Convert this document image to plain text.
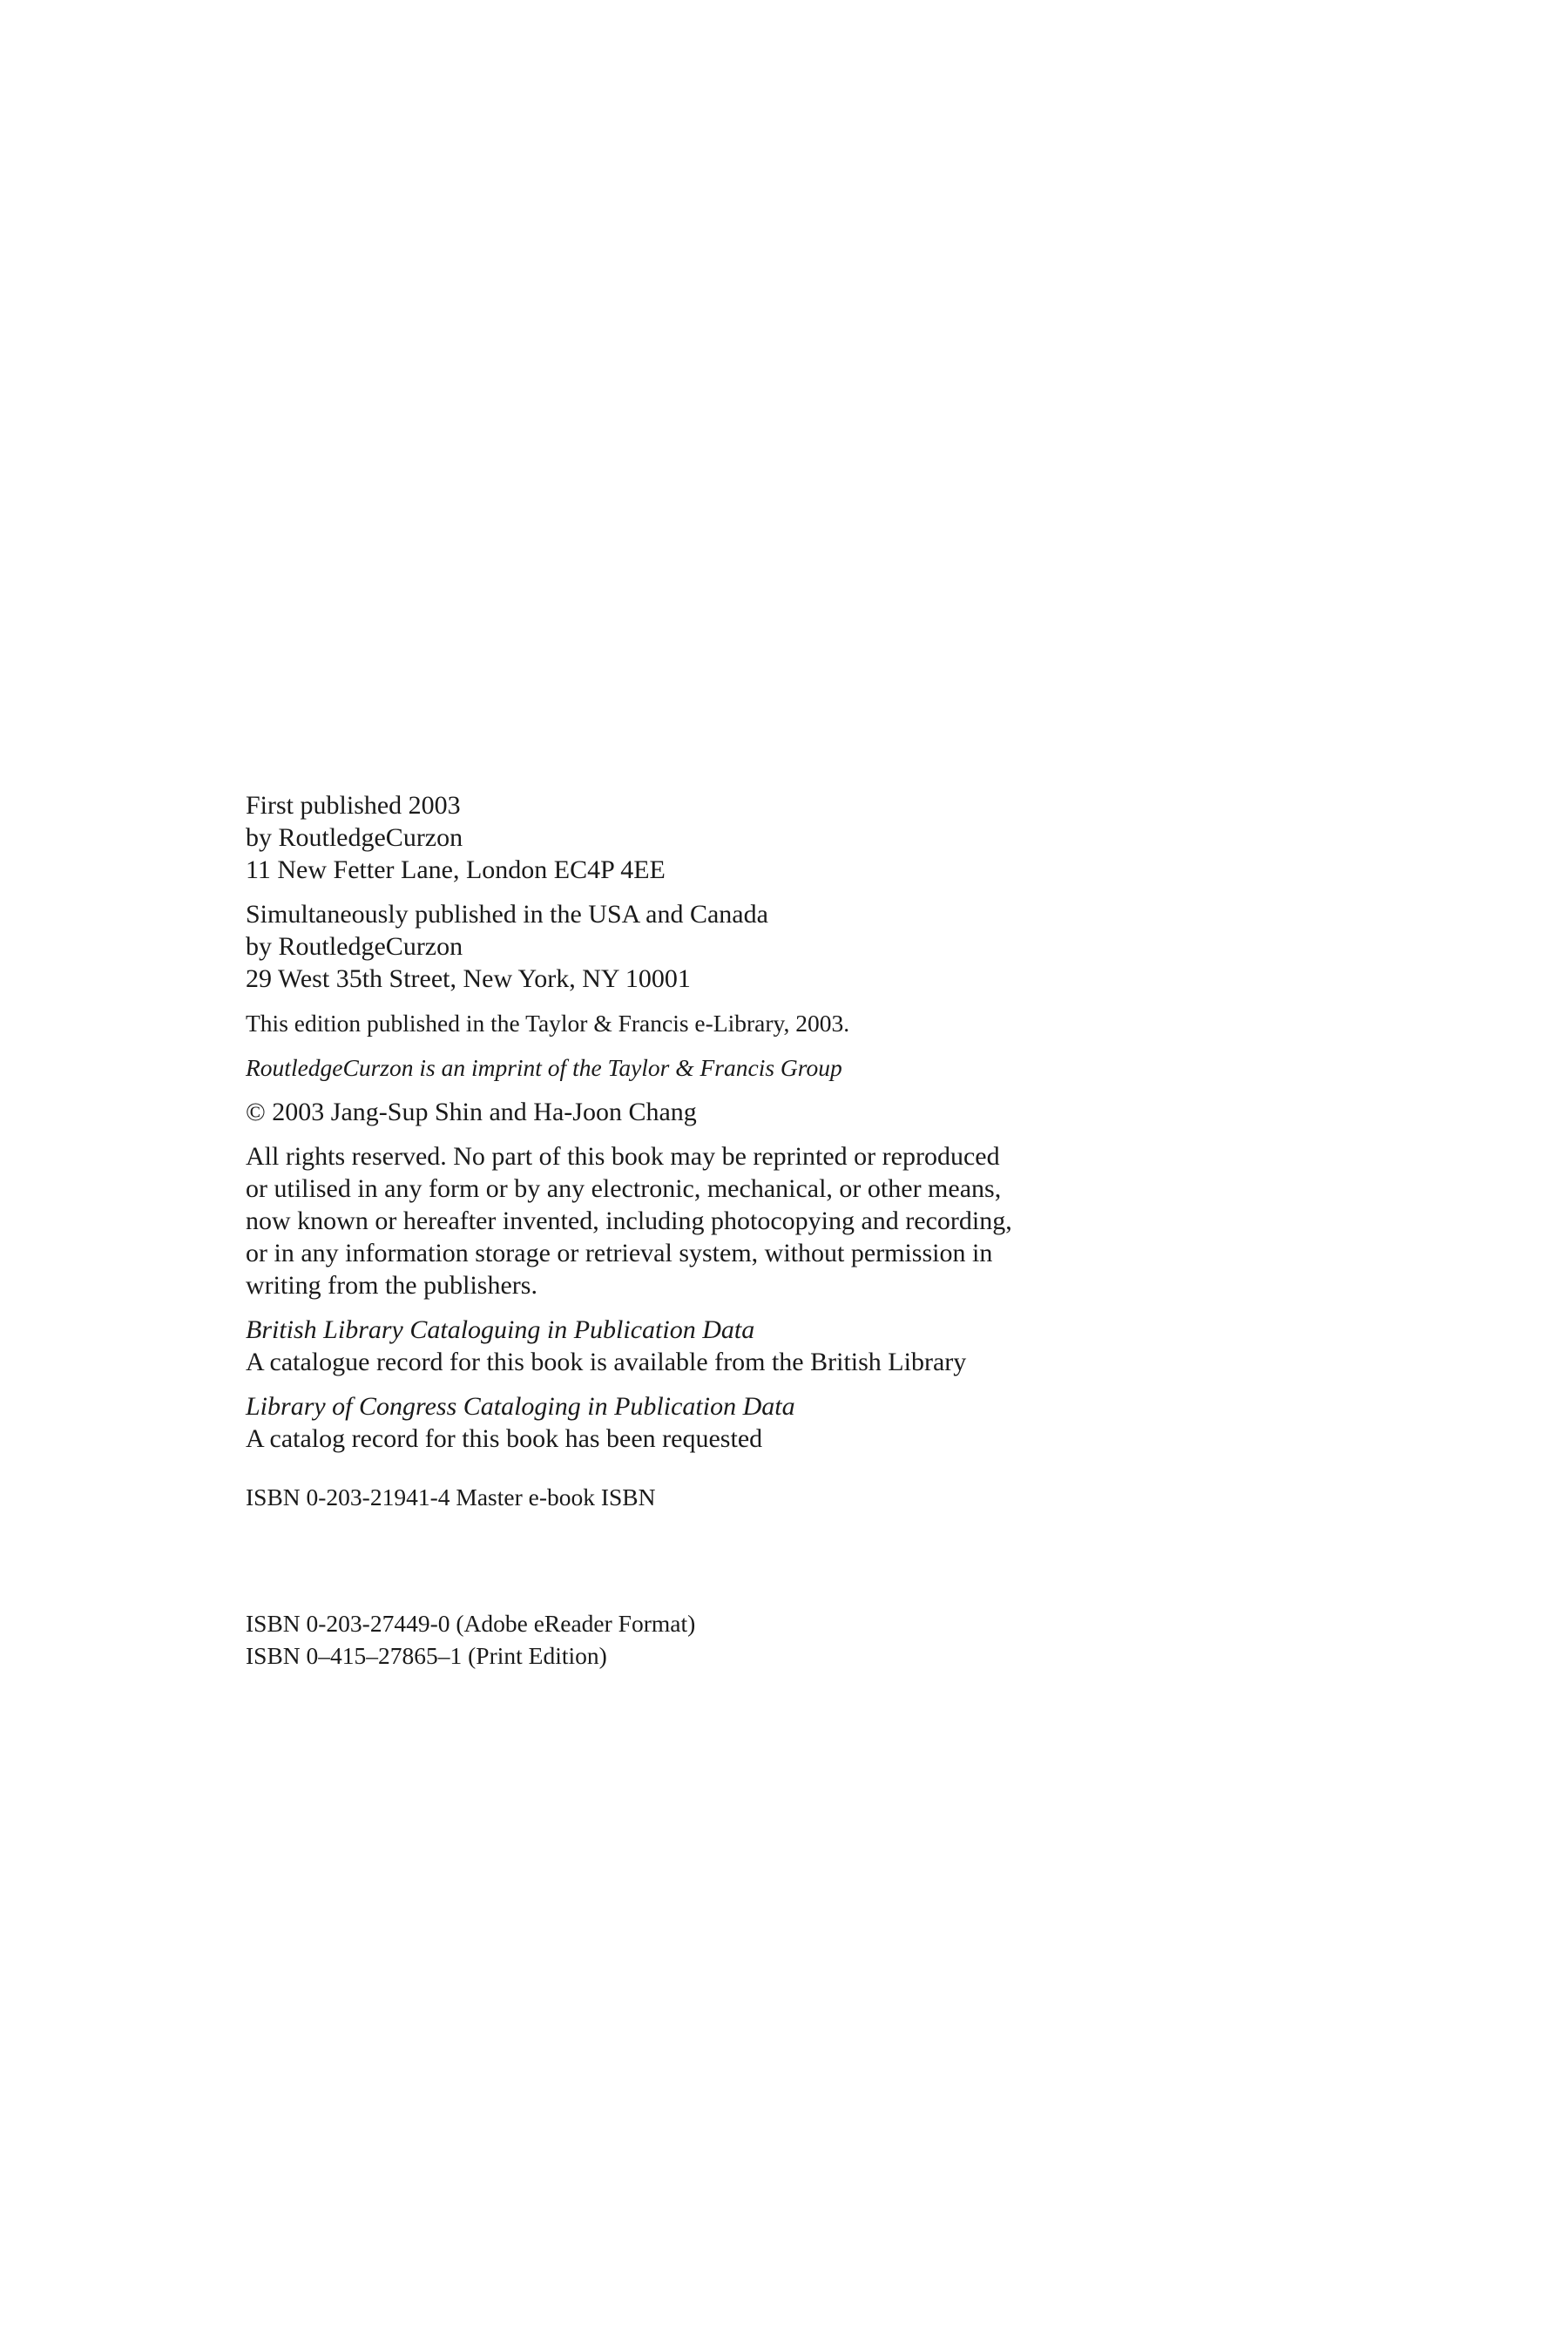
First published 2003
by RoutledgeCurzon
11 New Fetter Lane, London EC4P 4EE
Simultaneously published in the USA and Canada
by RoutledgeCurzon
29 West 35th Street, New York, NY 10001
This edition published in the Taylor & Francis e-Library, 2003.
RoutledgeCurzon is an imprint of the Taylor & Francis Group
© 2003 Jang-Sup Shin and Ha-Joon Chang
All rights reserved. No part of this book may be reprinted or reproduced
or utilised in any form or by any electronic, mechanical, or other means,
now known or hereafter invented, including photocopying and recording,
or in any information storage or retrieval system, without permission in
writing from the publishers.
British Library Cataloguing in Publication Data
A catalogue record for this book is available from the British Library
Library of Congress Cataloging in Publication Data
A catalog record for this book has been requested
ISBN 0-203-21941-4 Master e-book ISBN
ISBN 0-203-27449-0 (Adobe eReader Format)
ISBN 0–415–27865–1 (Print Edition)
